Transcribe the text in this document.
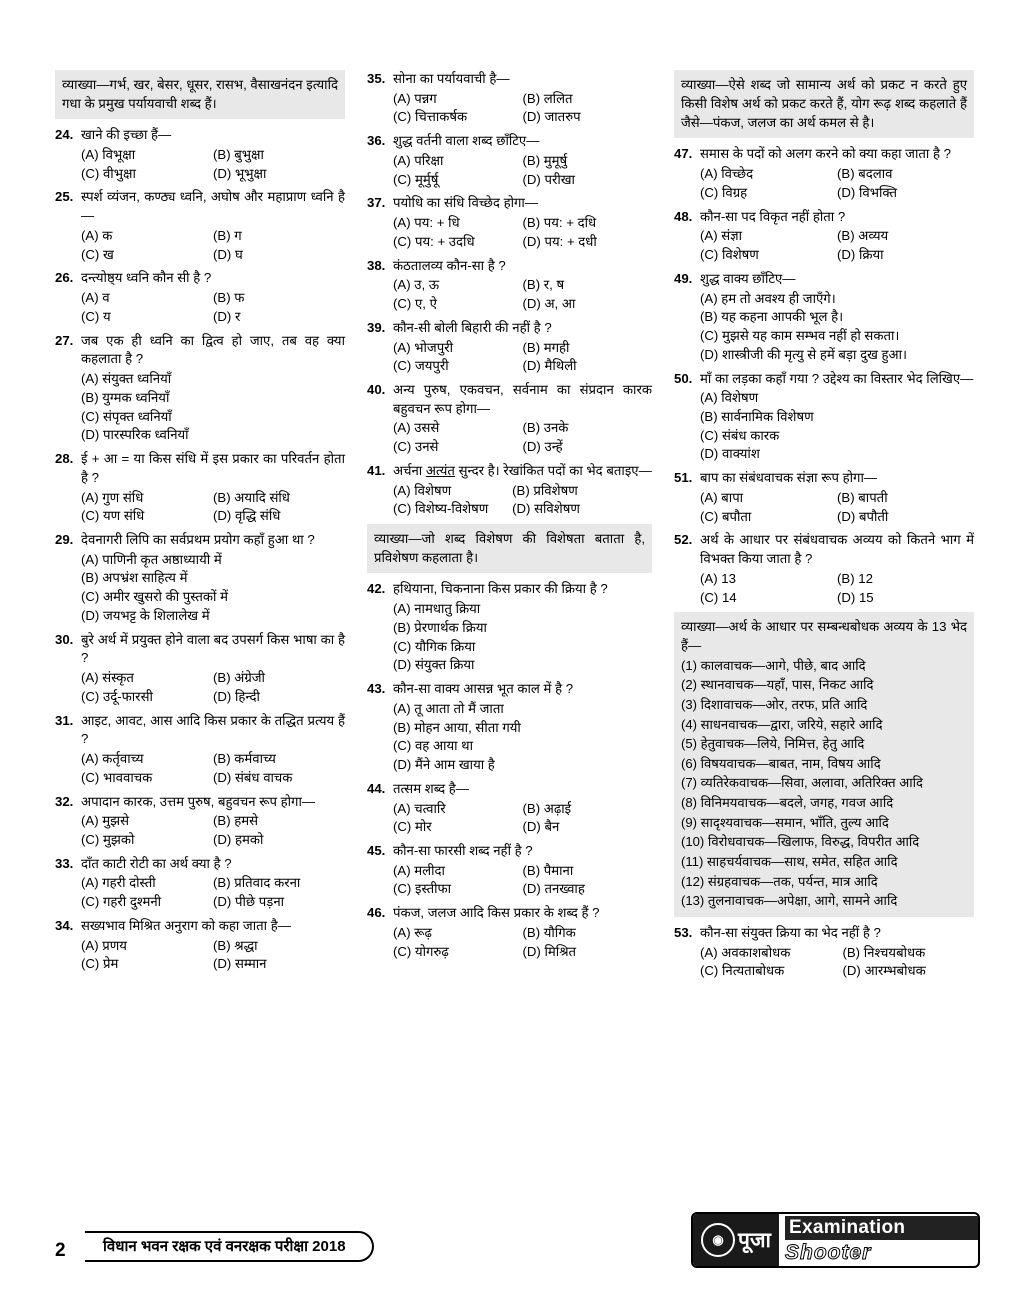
व्याख्या—गर्भ, खर, बेसर, धूसर, रासभ, वैसाखनंदन इत्यादि गधा के प्रमुख पर्यायवाची शब्द हैं।
24. खाने की इच्छा हैं—
(A) विभूक्षा	(B) बुभुक्षा
(C) वीभुक्षा	(D) भूभुक्षा
25. स्पर्श व्यंजन, कण्ठ्य ध्वनि, अघोष और महाप्राण ध्वनि है—
(A) क	(B) ग
(C) ख	(D) घ
26. दन्त्योष्ठ्य ध्वनि कौन सी है ?
(A) व	(B) फ
(C) य	(D) र
27. जब एक ही ध्वनि का द्वित्व हो जाए, तब वह क्या कहलाता है ?
(A) संयुक्त ध्वनियाँ
(B) युग्मक ध्वनियाँ
(C) संपृक्त ध्वनियाँ
(D) पारस्परिक ध्वनियाँ
28. ई + आ = या किस संधि में इस प्रकार का परिवर्तन होता है ?
(A) गुण संधि	(B) अयादि संधि
(C) यण संधि	(D) वृद्धि संधि
29. देवनागरी लिपि का सर्वप्रथम प्रयोग कहाँ हुआ था ?
(A) पाणिनी कृत अष्ठाध्यायी में
(B) अपभ्रंश साहित्य में
(C) अमीर खुसरो की पुस्तकों में
(D) जयभट्ट के शिलालेख में
30. बुरे अर्थ में प्रयुक्त होने वाला बद उपसर्ग किस भाषा का है ?
(A) संस्कृत	(B) अंग्रेजी
(C) उर्दू-फारसी	(D) हिन्दी
31. आइट, आवट, आस आदि किस प्रकार के तद्धित प्रत्यय हैं ?
(A) कर्तृवाच्य	(B) कर्मवाच्य
(C) भाववाचक	(D) संबंध वाचक
32. अपादान कारक, उत्तम पुरुष, बहुवचन रूप होगा—
(A) मुझसे	(B) हमसे
(C) मुझको	(D) हमको
33. दाँत काटी रोटी का अर्थ क्या है ?
(A) गहरी दोस्ती	(B) प्रतिवाद करना
(C) गहरी दुश्मनी	(D) पीछे पड़ना
34. सख्यभाव मिश्रित अनुराग को कहा जाता है—
(A) प्रणय	(B) श्रद्धा
(C) प्रेम	(D) सम्मान
35. सोना का पर्यायवाची है—
(A) पन्नग	(B) ललित
(C) चित्ताकर्षक	(D) जातरुप
36. शुद्ध वर्तनी वाला शब्द छाँटिए—
(A) परिक्षा	(B) मुमूर्षु
(C) मूर्मुर्षू	(D) परीखा
37. पयोधि का संधि विच्छेद होगा—
(A) पय: + धि	(B) पय: + दधि
(C) पय: + उदधि	(D) पय: + दधी
38. कंठतालव्य कौन-सा है ?
(A) उ, ऊ	(B) र, ष
(C) ए, ऐ	(D) अ, आ
39. कौन-सी बोली बिहारी की नहीं है ?
(A) भोजपुरी	(B) मगही
(C) जयपुरी	(D) मैथिली
40. अन्य पुरुष, एकवचन, सर्वनाम का संप्रदान कारक बहुवचन रूप होगा—
(A) उससे	(B) उनके
(C) उनसे	(D) उन्हें
41. अर्चना अत्यंत सुन्दर है। रेखांकित पदों का भेद बताइए—
(A) विशेषण	(B) प्रविशेषण
(C) विशेष्य-विशेषण	(D) सविशेषण
व्याख्या—जो शब्द विशेषण की विशेषता बताता है, प्रविशेषण कहलाता है।
42. हथियाना, चिकनाना किस प्रकार की क्रिया है ?
(A) नामधातु क्रिया
(B) प्रेरणार्थक क्रिया
(C) यौगिक क्रिया
(D) संयुक्त क्रिया
43. कौन-सा वाक्य आसन्न भूत काल में है ?
(A) तू आता तो मैं जाता
(B) मोहन आया, सीता गयी
(C) वह आया था
(D) मैंने आम खाया है
44. तत्सम शब्द है—
(A) चत्वारि	(B) अढ़ाई
(C) मोर	(D) बैन
45. कौन-सा फारसी शब्द नहीं है ?
(A) मलीदा	(B) पैमाना
(C) इस्तीफा	(D) तनख्वाह
46. पंकज, जलज आदि किस प्रकार के शब्द हैं ?
(A) रूढ़	(B) यौगिक
(C) योगरुढ़	(D) मिश्रित
व्याख्या—ऐसे शब्द जो सामान्य अर्थ को प्रकट न करते हुए किसी विशेष अर्थ को प्रकट करते हैं, योग रूढ़ शब्द कहलाते हैं जैसे—पंकज, जलज का अर्थ कमल से है।
47. समास के पदों को अलग करने को क्या कहा जाता है ?
(A) विच्छेद	(B) बदलाव
(C) विग्रह	(D) विभक्ति
48. कौन-सा पद विकृत नहीं होता ?
(A) संज्ञा	(B) अव्यय
(C) विशेषण	(D) क्रिया
49. शुद्ध वाक्य छाँटिए—
(A) हम तो अवश्य ही जाएँगे।
(B) यह कहना आपकी भूल है।
(C) मुझसे यह काम सम्भव नहीं हो सकता।
(D) शास्त्रीजी की मृत्यु से हमें बड़ा दुख हुआ।
50. माँ का लड़का कहाँ गया ? उद्देश्य का विस्तार भेद लिखिए—
(A) विशेषण
(B) सार्वनामिक विशेषण
(C) संबंध कारक
(D) वाक्यांश
51. बाप का संबंधवाचक संज्ञा रूप होगा—
(A) बापा	(B) बापती
(C) बपौता	(D) बपौती
52. अर्थ के आधार पर संबंधवाचक अव्यय को कितने भाग में विभक्त किया जाता है ?
(A) 13	(B) 12
(C) 14	(D) 15
व्याख्या—अर्थ के आधार पर सम्बन्धबोधक अव्यय के 13 भेद हैं—
(1) कालवाचक—आगे, पीछे, बाद आदि
(2) स्थानवाचक—यहाँ, पास, निकट आदि
(3) दिशावाचक—ओर, तरफ, प्रति आदि
(4) साधनवाचक—द्वारा, जरिये, सहारे आदि
(5) हेतुवाचक—लिये, निमित्त, हेतु आदि
(6) विषयवाचक—बाबत, नाम, विषय आदि
(7) व्यतिरेकवाचक—सिवा, अलावा, अतिरिक्त आदि
(8) विनिमयवाचक—बदले, जगह, गवज आदि
(9) सादृश्यवाचक—समान, भाँति, तुल्य आदि
(10) विरोधवाचक—खिलाफ, विरुद्ध, विपरीत आदि
(11) साहचर्यवाचक—साथ, समेत, सहित आदि
(12) संग्रहवाचक—तक, पर्यन्त, मात्र आदि
(13) तुलनावाचक—अपेक्षा, आगे, सामने आदि
53. कौन-सा संयुक्त क्रिया का भेद नहीं है ?
(A) अवकाशबोधक	(B) निश्चयबोधक
(C) नित्यताबोधक	(D) आरम्भबोधक
2	विधान भवन रक्षक एवं वनरक्षक परीक्षा 2018	◉ पूजा
Examination
Shooter
